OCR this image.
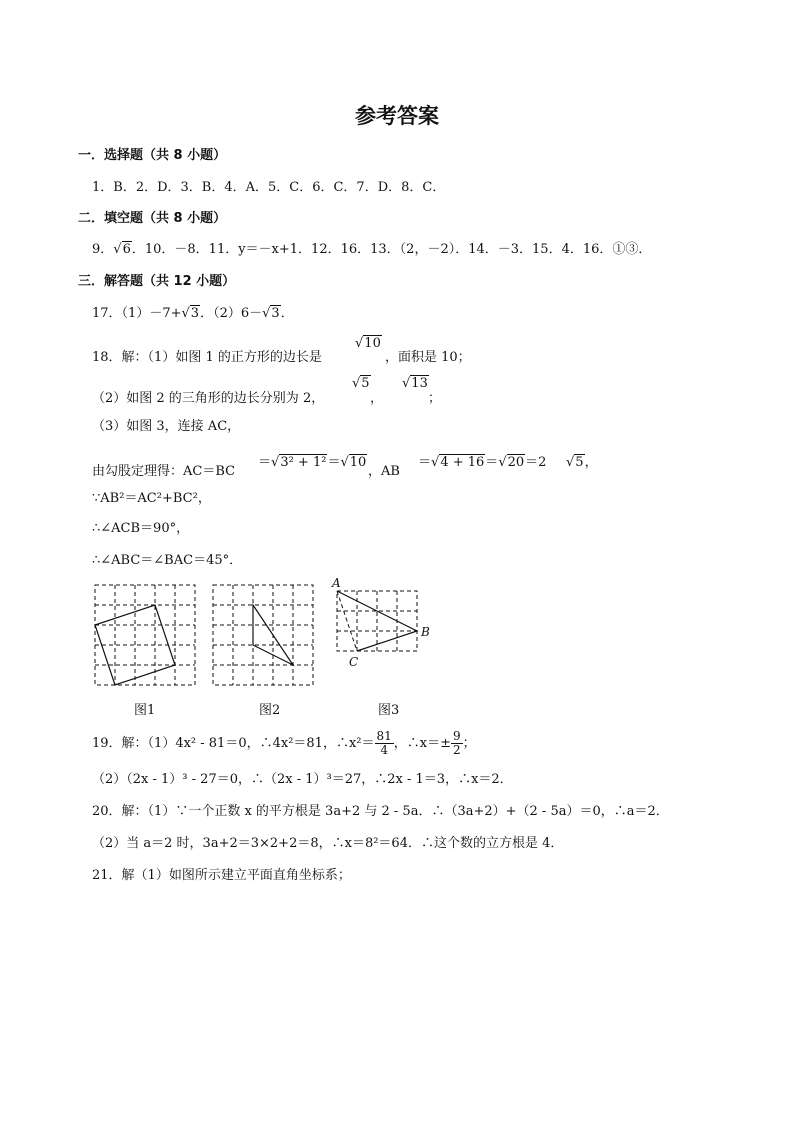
参考答案
一．选择题（共 8 小题）
1．B．2．D．3．B．4．A．5．C．6．C．7．D．8．C．
二．填空题（共 8 小题）
9．√6．10．－8．11．y＝－x+1．12．16．13．（2，－2）．14．－3．15．4．16．①③．
三．解答题（共 12 小题）
17．（1）－7+√3．（2）6－√3．
18．解：（1）如图 1 的正方形的边长是
√10
，面积是 10；
（2）如图 2 的三角形的边长分别为 2，
√5
，
√13
；
（3）如图 3，连接 AC，
由勾股定理得：AC＝BC
＝√3² + 1²＝√10
，AB
＝√4 + 16＝√20＝2 √5，
∵AB²＝AC²+BC²，
∴∠ACB＝90°，
∴∠ABC＝∠BAC＝45°．
A
B
C
图1	图2	图3
19．解：（1）4x² - 81＝0，∴4x²＝81，∴x²＝ $\frac{81}{4}$ ，∴x＝± $\frac{9}{2}$ ；
（2）（2x - 1）³ - 27＝0，∴（2x - 1）³＝27，∴2x - 1＝3，∴x＝2．
20．解：（1）∵一个正数 x 的平方根是 3a+2 与 2 - 5a．∴（3a+2）+（2 - 5a）＝0，∴a＝2．
（2）当 a＝2 时，3a+2＝3×2+2＝8，∴x＝8²＝64．∴这个数的立方根是 4．
21．解（1）如图所示建立平面直角坐标系；
